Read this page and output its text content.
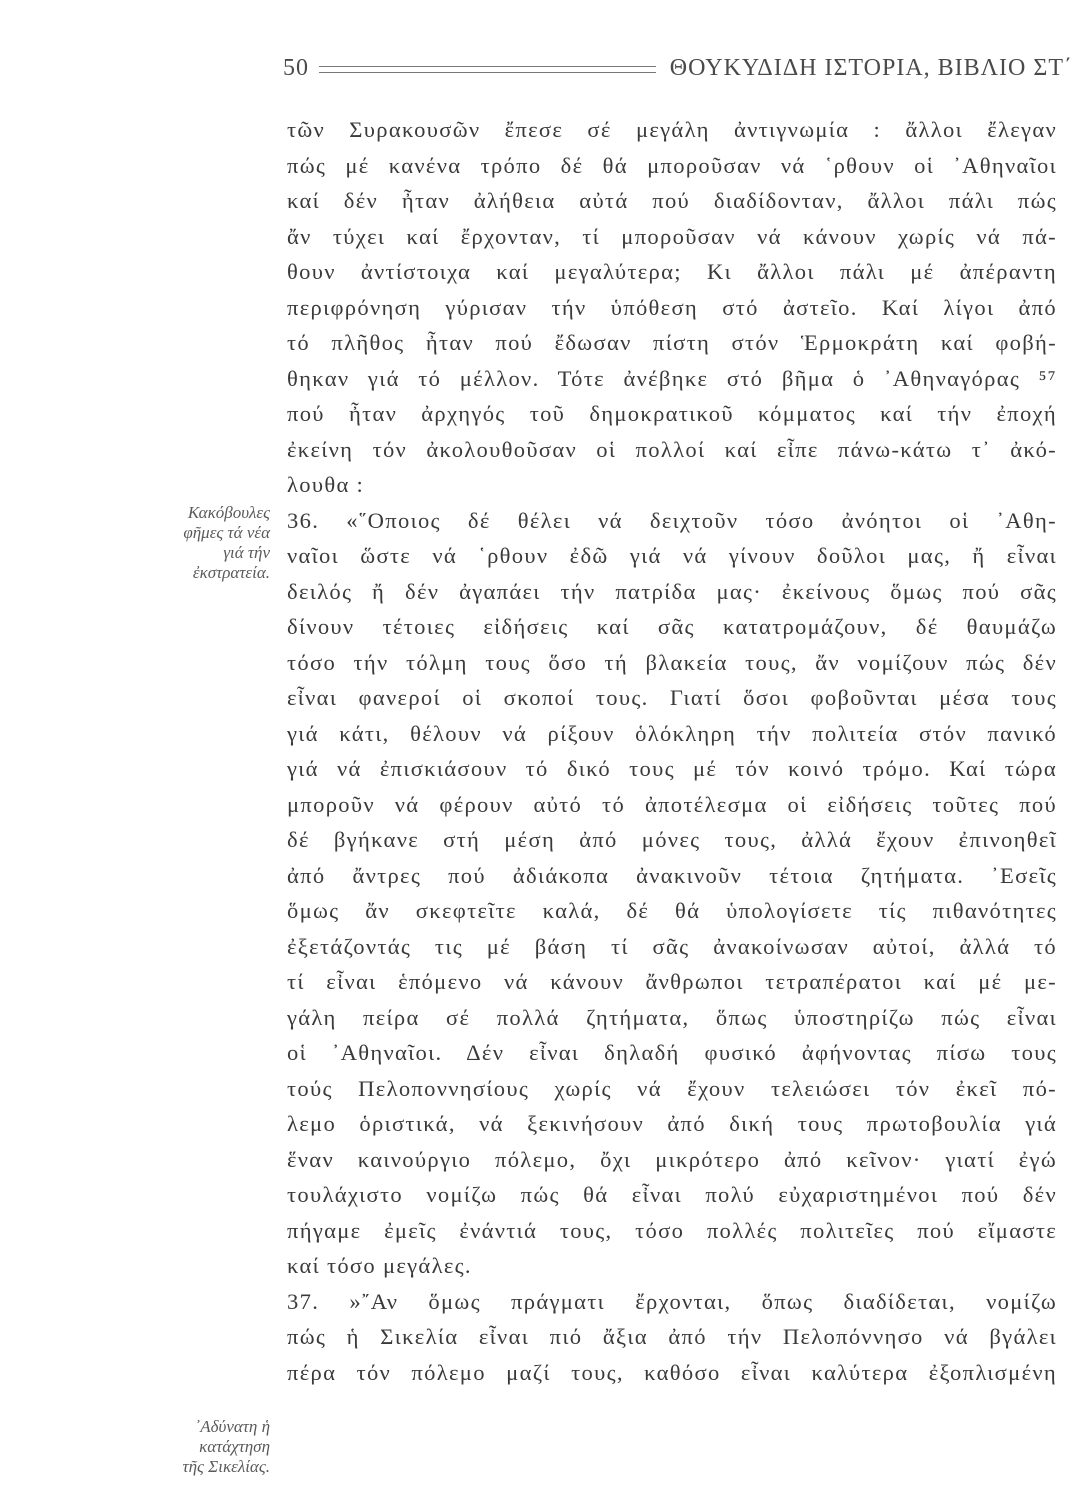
50	ΘΟΥΚΥΔΙΔΗ ΙΣΤΟΡΙΑ, ΒΙΒΛΙΟ ΣΤ΄
Κακόβουλες
φῆμες τά νέα
γιά τήν
ἐκστρατεία.
᾿Αδύνατη ἡ
κατάχτηση
τῆς Σικελίας.
τῶν Συρακουσῶν ἔπεσε σέ μεγάλη ἀντιγνωμία : ἄλλοι ἔλεγαν
πώς μέ κανένα τρόπο δέ θά μποροῦσαν νά ῾ρθουν οἱ ᾿Αθηναῖοι
καί δέν ἦταν ἀλήθεια αὐτά πού διαδίδονταν, ἄλλοι πάλι πώς
ἄν τύχει καί ἔρχονταν, τί μποροῦσαν νά κάνουν χωρίς νά πά-
θουν ἀντίστοιχα καί μεγαλύτερα; Κι ἄλλοι πάλι μέ ἀπέραντη
περιφρόνηση γύρισαν τήν ὑπόθεση στό ἀστεῖο. Καί λίγοι ἀπό
τό πλῆθος ἦταν πού ἔδωσαν πίστη στόν Ἑρμοκράτη καί φοβή-
θηκαν γιά τό μέλλον. Τότε ἀνέβηκε στό βῆμα ὁ ᾿Αθηναγόρας ⁵⁷
πού ἦταν ἀρχηγός τοῦ δημοκρατικοῦ κόμματος καί τήν ἐποχή
ἐκείνη τόν ἀκολουθοῦσαν οἱ πολλοί καί εἶπε πάνω-κάτω τ᾿ ἀκό-
λουθα :
36. «῞Οποιος δέ θέλει νά δειχτοῦν τόσο ἀνόητοι οἱ ᾿Αθη-
ναῖοι ὥστε νά ῾ρθουν ἐδῶ γιά νά γίνουν δοῦλοι μας, ἤ εἶναι
δειλός ἤ δέν ἀγαπάει τήν πατρίδα μας· ἐκείνους ὅμως πού σᾶς
δίνουν τέτοιες εἰδήσεις καί σᾶς κατατρομάζουν, δέ θαυμάζω
τόσο τήν τόλμη τους ὅσο τή βλακεία τους, ἄν νομίζουν πώς δέν
εἶναι φανεροί οἱ σκοποί τους. Γιατί ὅσοι φοβοῦνται μέσα τους
γιά κάτι, θέλουν νά ρίξουν ὁλόκληρη τήν πολιτεία στόν πανικό
γιά νά ἐπισκιάσουν τό δικό τους μέ τόν κοινό τρόμο. Καί τώρα
μποροῦν νά φέρουν αὐτό τό ἀποτέλεσμα οἱ εἰδήσεις τοῦτες πού
δέ βγήκανε στή μέση ἀπό μόνες τους, ἀλλά ἔχουν ἐπινοηθεῖ
ἀπό ἄντρες πού ἀδιάκοπα ἀνακινοῦν τέτοια ζητήματα. ᾿Εσεῖς
ὅμως ἄν σκεφτεῖτε καλά, δέ θά ὑπολογίσετε τίς πιθανότητες
ἐξετάζοντάς τις μέ βάση τί σᾶς ἀνακοίνωσαν αὐτοί, ἀλλά τό
τί εἶναι ἑπόμενο νά κάνουν ἄνθρωποι τετραπέρατοι καί μέ με-
γάλη πείρα σέ πολλά ζητήματα, ὅπως ὑποστηρίζω πώς εἶναι
οἱ ᾿Αθηναῖοι. Δέν εἶναι δηλαδή φυσικό ἀφήνοντας πίσω τους
τούς Πελοποννησίους χωρίς νά ἔχουν τελειώσει τόν ἐκεῖ πό-
λεμο ὁριστικά, νά ξεκινήσουν ἀπό δική τους πρωτοβουλία γιά
ἕναν καινούργιο πόλεμο, ὄχι μικρότερο ἀπό κεῖνον· γιατί ἐγώ
τουλάχιστο νομίζω πώς θά εἶναι πολύ εὐχαριστημένοι πού δέν
πήγαμε ἐμεῖς ἐνάντιά τους, τόσο πολλές πολιτεῖες πού εἴμαστε
καί τόσο μεγάλες.
37. »῎Αν ὅμως πράγματι ἔρχονται, ὅπως διαδίδεται, νομίζω
πώς ἡ Σικελία εἶναι πιό ἄξια ἀπό τήν Πελοπόννησο νά βγάλει
πέρα τόν πόλεμο μαζί τους, καθόσο εἶναι καλύτερα ἐξοπλισμένη
